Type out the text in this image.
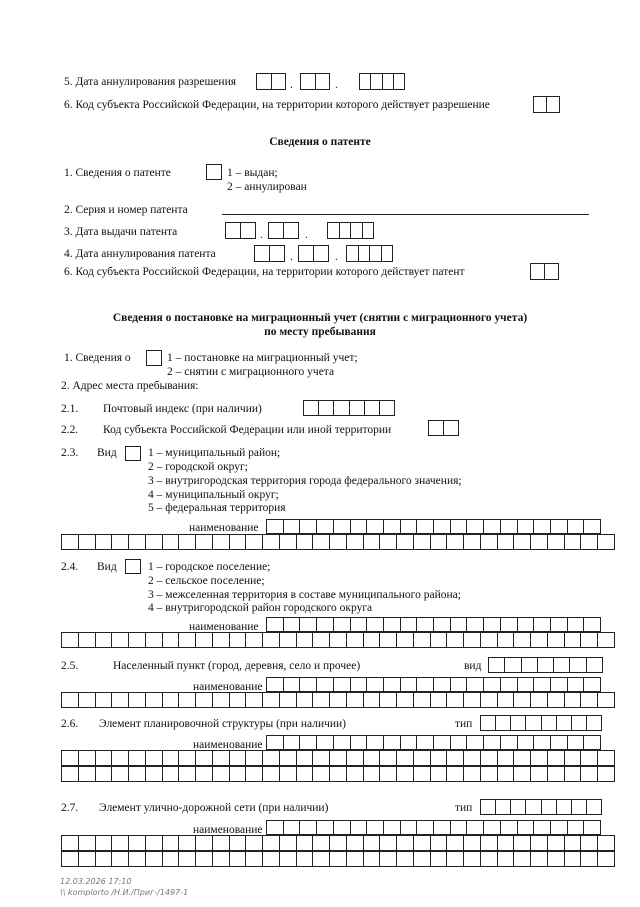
5. Дата аннулирования разрешения	.	.
6. Код субъекта Российской Федерации, на территории которого действует разрешение
Сведения о патенте
1. Сведения о патенте	1 – выдан;
2 – аннулирован
2. Серия и номер патента
3. Дата выдачи патента	.	.
4. Дата аннулирования патента	.	.
6. Код субъекта Российской Федерации, на территории которого действует патент
Сведения о постановке на миграционный учет (снятии с миграционного учета)
по месту пребывания
1. Сведения о	1 – постановке на миграционный учет;
2 – снятии с миграционного учета
2. Адрес места пребывания:
2.1. Почтовый индекс (при наличии)
2.2. Код субъекта Российской Федерации или иной территории
2.3. Вид	1 – муниципальный район;
2 – городской округ;
3 – внутригородская территория города федерального значения;
4 – муниципальный округ;
5 – федеральная территория
наименование
2.4. Вид	1 – городское поселение;
2 – сельское поселение;
3 – межселенная территория в составе муниципального района;
4 – внутригородской район городского округа
наименование
2.5.	Населенный пункт (город, деревня, село и прочее)	вид
наименование
2.6. Элемент планировочной структуры (при наличии)	тип
наименование
2.7. Элемент улично-дорожной сети (при наличии)	тип
наименование
12.03.2026 17:10
\\ komplorto /Н.И./Приг-/1497-1
